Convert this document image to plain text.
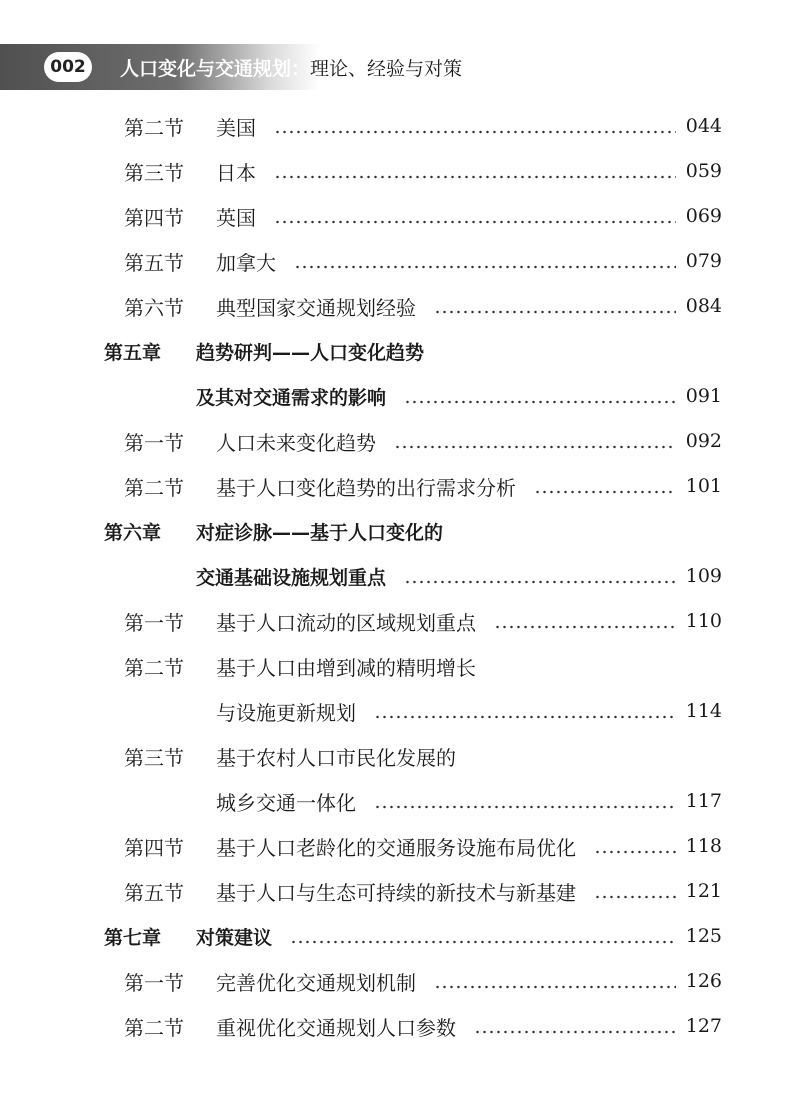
002	人口变化与交通规划：理论、经验与对策
第二节	美国	044
第三节	日本	059
第四节	英国	069
第五节	加拿大	079
第六节	典型国家交通规划经验	084
第五章	趋势研判——人口变化趋势
及其对交通需求的影响	091
第一节	人口未来变化趋势	092
第二节	基于人口变化趋势的出行需求分析	101
第六章	对症诊脉——基于人口变化的
交通基础设施规划重点	109
第一节	基于人口流动的区域规划重点	110
第二节	基于人口由增到减的精明增长
与设施更新规划	114
第三节	基于农村人口市民化发展的
城乡交通一体化	117
第四节	基于人口老龄化的交通服务设施布局优化	118
第五节	基于人口与生态可持续的新技术与新基建	121
第七章	对策建议	125
第一节	完善优化交通规划机制	126
第二节	重视优化交通规划人口参数	127
